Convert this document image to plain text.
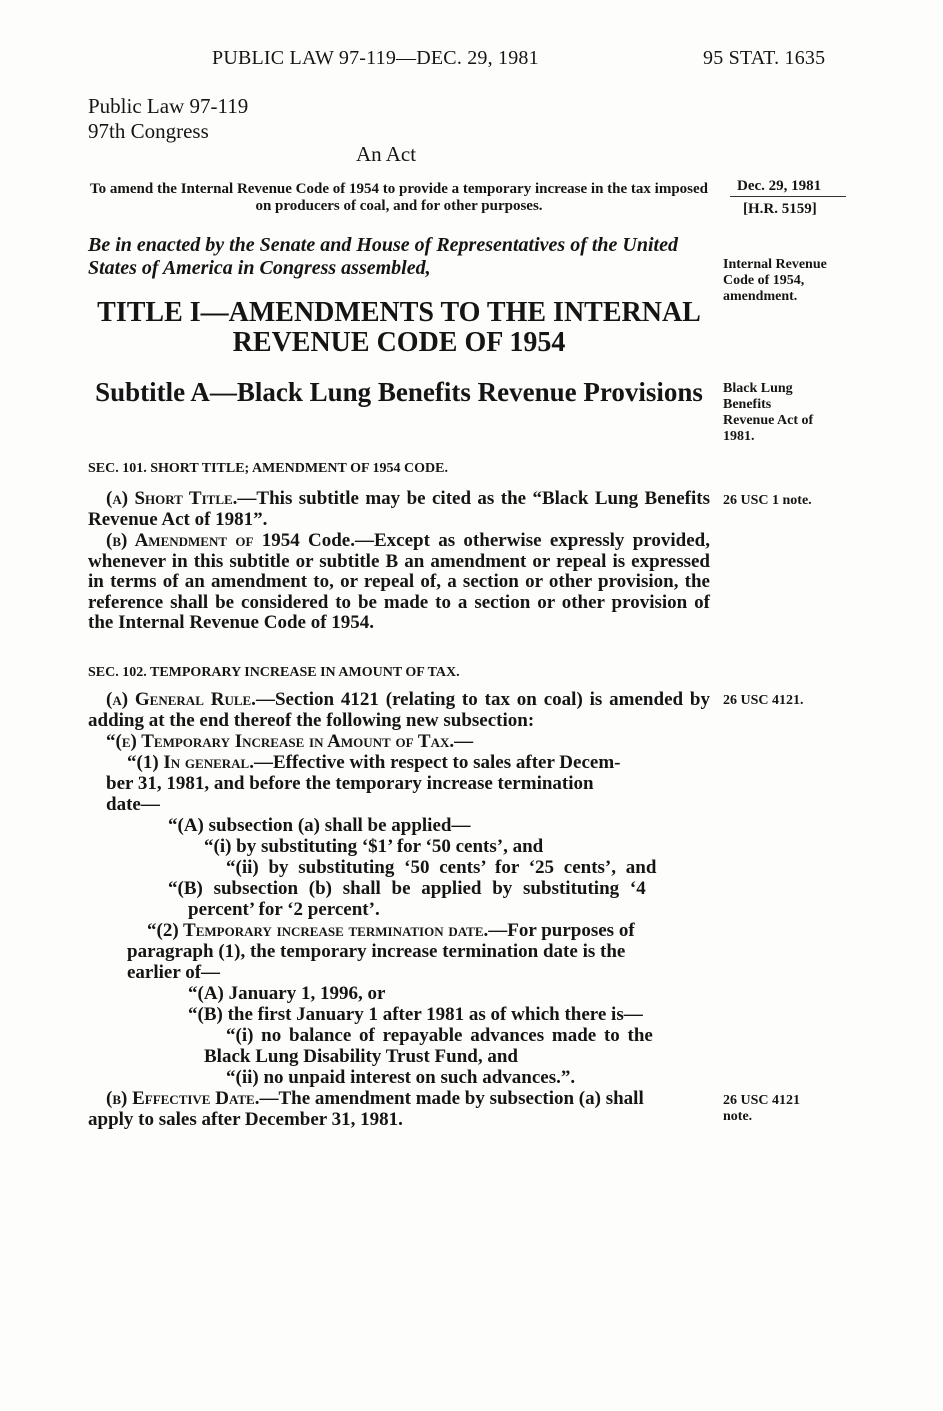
PUBLIC LAW 97-119—DEC. 29, 1981	95 STAT. 1635
Public Law 97-119
97th Congress
An Act
To amend the Internal Revenue Code of 1954 to provide a temporary increase in the tax imposed on producers of coal, and for other purposes.
Dec. 29, 1981
[H.R. 5159]
Be in enacted by the Senate and House of Representatives of the United States of America in Congress assembled,	Internal Revenue Code of 1954, amendment.
TITLE I—AMENDMENTS TO THE INTERNAL REVENUE CODE OF 1954
Subtitle A—Black Lung Benefits Revenue Provisions	Black Lung Benefits Revenue Act of 1981.
SEC. 101. SHORT TITLE; AMENDMENT OF 1954 CODE.
(a) Short Title.—This subtitle may be cited as the “Black Lung Benefits Revenue Act of 1981”.
26 USC 1 note.
(b) Amendment of 1954 Code.—Except as otherwise expressly provided, whenever in this subtitle or subtitle B an amendment or repeal is expressed in terms of an amendment to, or repeal of, a section or other provision, the reference shall be considered to be made to a section or other provision of the Internal Revenue Code of 1954.
SEC. 102. TEMPORARY INCREASE IN AMOUNT OF TAX.
(a) General Rule.—Section 4121 (relating to tax on coal) is amended by adding at the end thereof the following new subsection:
26 USC 4121.
“(e) Temporary Increase in Amount of Tax.—
“(1) In general.—Effective with respect to sales after Decem-
ber 31, 1981, and before the temporary increase termination
date—
“(A) subsection (a) shall be applied—
“(i) by substituting ‘$1’ for ‘50 cents’, and
“(ii) by substituting ‘50 cents’ for ‘25 cents’, and
“(B) subsection (b) shall be applied by substituting ‘4
percent’ for ‘2 percent’.
“(2) Temporary increase termination date.—For purposes of
paragraph (1), the temporary increase termination date is the
earlier of—
“(A) January 1, 1996, or
“(B) the first January 1 after 1981 as of which there is—
“(i) no balance of repayable advances made to the
Black Lung Disability Trust Fund, and
“(ii) no unpaid interest on such advances.”.
(b) Effective Date.—The amendment made by subsection (a) shall
apply to sales after December 31, 1981.
26 USC 4121 note.
